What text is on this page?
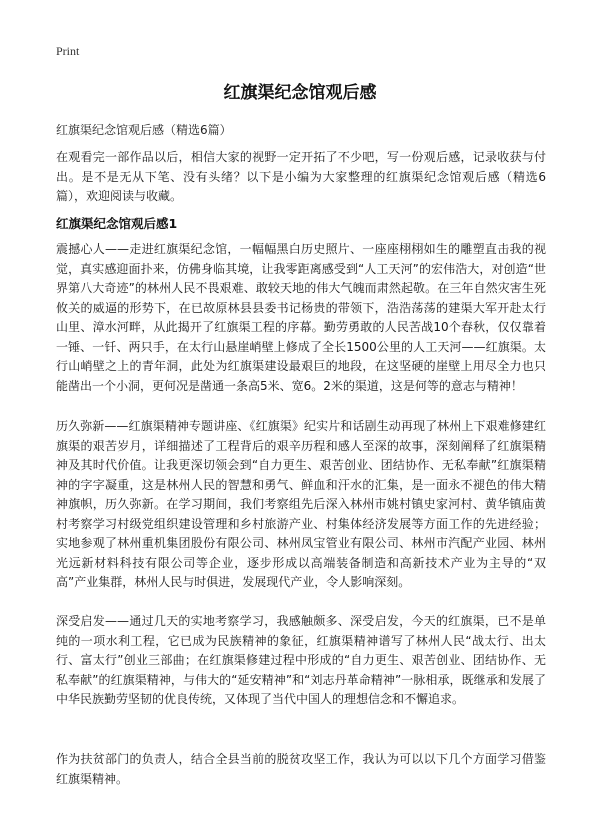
Print
红旗渠纪念馆观后感
红旗渠纪念馆观后感（精选6篇）

在观看完一部作品以后，相信大家的视野一定开拓了不少吧，写一份观后感，记录收获与付出。是不是无从下笔、没有头绪？以下是小编为大家整理的红旗渠纪念馆观后感（精选6篇），欢迎阅读与收藏。

红旗渠纪念馆观后感1

震撼心人——走进红旗渠纪念馆，一幅幅黑白历史照片、一座座栩栩如生的雕塑直击我的视觉，真实感迎面扑来，仿佛身临其境，让我零距离感受到“人工天河”的宏伟浩大，对创造“世界第八大奇迹”的林州人民不畏艰难、敢较天地的伟大气魄而肃然起敬。在三年自然灾害生死攸关的威逼的形势下，在已故原林县县委书记杨贵的带领下，浩浩荡荡的建渠大军开赴太行山里、漳水河畔，从此揭开了红旗渠工程的序幕。勤劳勇敢的人民苦战10个春秋，仅仅靠着一锤、一钎、两只手，在太行山悬崖峭壁上修成了全长1500公里的人工天河——红旗渠。太行山峭壁之上的青年洞，此处为红旗渠建设最艰巨的地段，在这坚硬的崖壁上用尽全力也只能凿出一个小洞，更何况是凿通一条高5米、宽6。2米的渠道，这是何等的意志与精神！

历久弥新——红旗渠精神专题讲座、《红旗渠》纪实片和话剧生动再现了林州上下艰难修建红旗渠的艰苦岁月，详细描述了工程背后的艰辛历程和感人至深的故事，深刻阐释了红旗渠精神及其时代价值。让我更深切领会到“自力更生、艰苦创业、团结协作、无私奉献”红旗渠精神的字字凝重，这是林州人民的智慧和勇气、鲜血和汗水的汇集，是一面永不褪色的伟大精神旗帜，历久弥新。在学习期间，我们考察组先后深入林州市姚村镇史家河村、黄华镇庙黄村考察学习村级党组织建设管理和乡村旅游产业、村集体经济发展等方面工作的先进经验；实地参观了林州重机集团股份有限公司、林州凤宝管业有限公司、林州市汽配产业园、林州光远新材料科技有限公司等企业，逐步形成以高端装备制造和高新技术产业为主导的“双高”产业集群，林州人民与时俱进，发展现代产业，令人影响深刻。

深受启发——通过几天的实地考察学习，我感触颇多、深受启发，今天的红旗渠，已不是单纯的一项水利工程，它已成为民族精神的象征，红旗渠精神谱写了林州人民“战太行、出太行、富太行”创业三部曲；在红旗渠修建过程中形成的“自力更生、艰苦创业、团结协作、无私奉献”的红旗渠精神，与伟大的“延安精神”和“刘志丹革命精神”一脉相承，既继承和发展了中华民族勤劳坚韧的优良传统，又体现了当代中国人的理想信念和不懈追求。

作为扶贫部门的负责人，结合全县当前的脱贫攻坚工作，我认为可以以下几个方面学习借鉴红旗渠精神。
